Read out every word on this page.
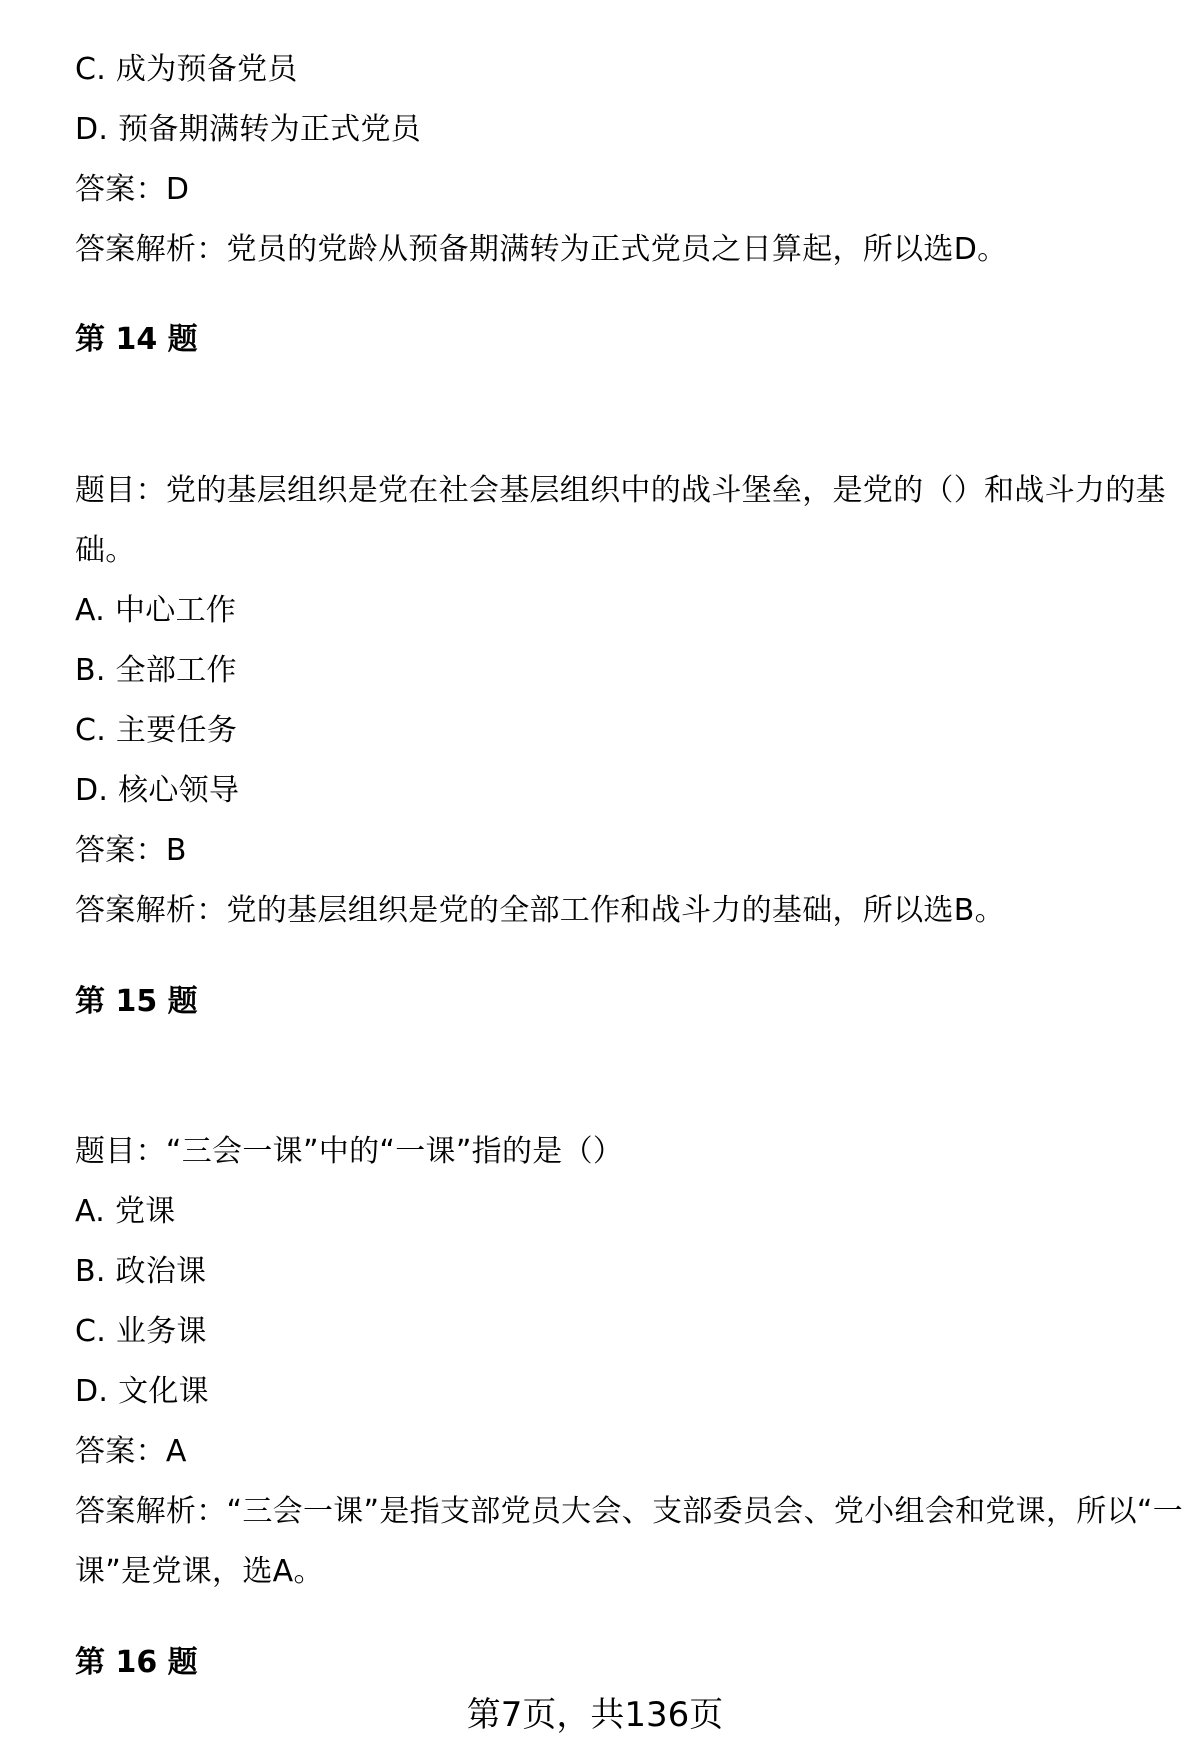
C. 成为预备党员
D. 预备期满转为正式党员
答案：D
答案解析：党员的党龄从预备期满转为正式党员之日算起，所以选D。
第 14 题
题目：党的基层组织是党在社会基层组织中的战斗堡垒，是党的（）和战斗力的基
础。
A. 中心工作
B. 全部工作
C. 主要任务
D. 核心领导
答案：B
答案解析：党的基层组织是党的全部工作和战斗力的基础，所以选B。
第 15 题
题目：“三会一课”中的“一课”指的是（）
A. 党课
B. 政治课
C. 业务课
D. 文化课
答案：A
答案解析：“三会一课”是指支部党员大会、支部委员会、党小组会和党课，所以“一
课”是党课，选A。
第 16 题
第7页，共136页
